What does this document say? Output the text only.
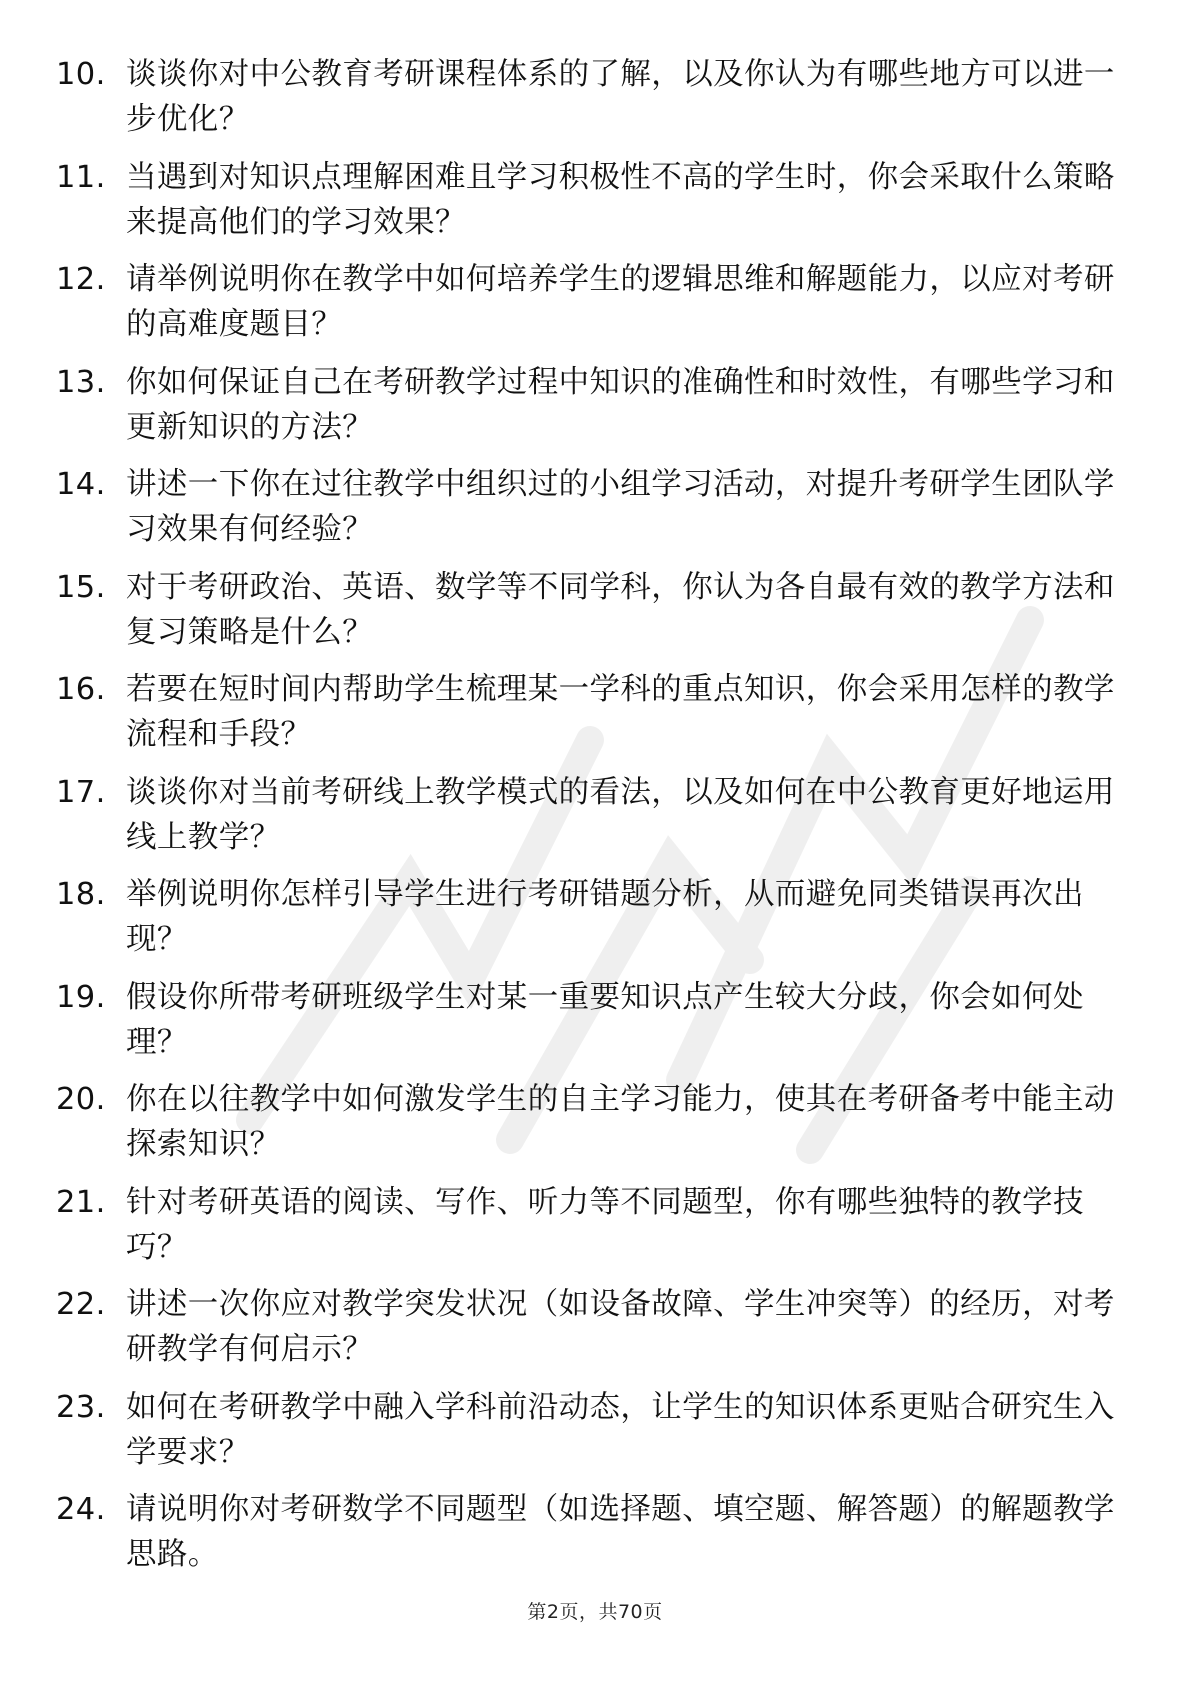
10. 谈谈你对中公教育考研课程体系的了解，以及你认为有哪些地方可以进一步优化？
11. 当遇到对知识点理解困难且学习积极性不高的学生时，你会采取什么策略来提高他们的学习效果？
12. 请举例说明你在教学中如何培养学生的逻辑思维和解题能力，以应对考研的高难度题目？
13. 你如何保证自己在考研教学过程中知识的准确性和时效性，有哪些学习和更新知识的方法？
14. 讲述一下你在过往教学中组织过的小组学习活动，对提升考研学生团队学习效果有何经验？
15. 对于考研政治、英语、数学等不同学科，你认为各自最有效的教学方法和复习策略是什么？
16. 若要在短时间内帮助学生梳理某一学科的重点知识，你会采用怎样的教学流程和手段？
17. 谈谈你对当前考研线上教学模式的看法，以及如何在中公教育更好地运用线上教学？
18. 举例说明你怎样引导学生进行考研错题分析，从而避免同类错误再次出现？
19. 假设你所带考研班级学生对某一重要知识点产生较大分歧，你会如何处理？
20. 你在以往教学中如何激发学生的自主学习能力，使其在考研备考中能主动探索知识？
21. 针对考研英语的阅读、写作、听力等不同题型，你有哪些独特的教学技巧？
22. 讲述一次你应对教学突发状况（如设备故障、学生冲突等）的经历，对考研教学有何启示？
23. 如何在考研教学中融入学科前沿动态，让学生的知识体系更贴合研究生入学要求？
24. 请说明你对考研数学不同题型（如选择题、填空题、解答题）的解题教学思路。
第2页，共70页
